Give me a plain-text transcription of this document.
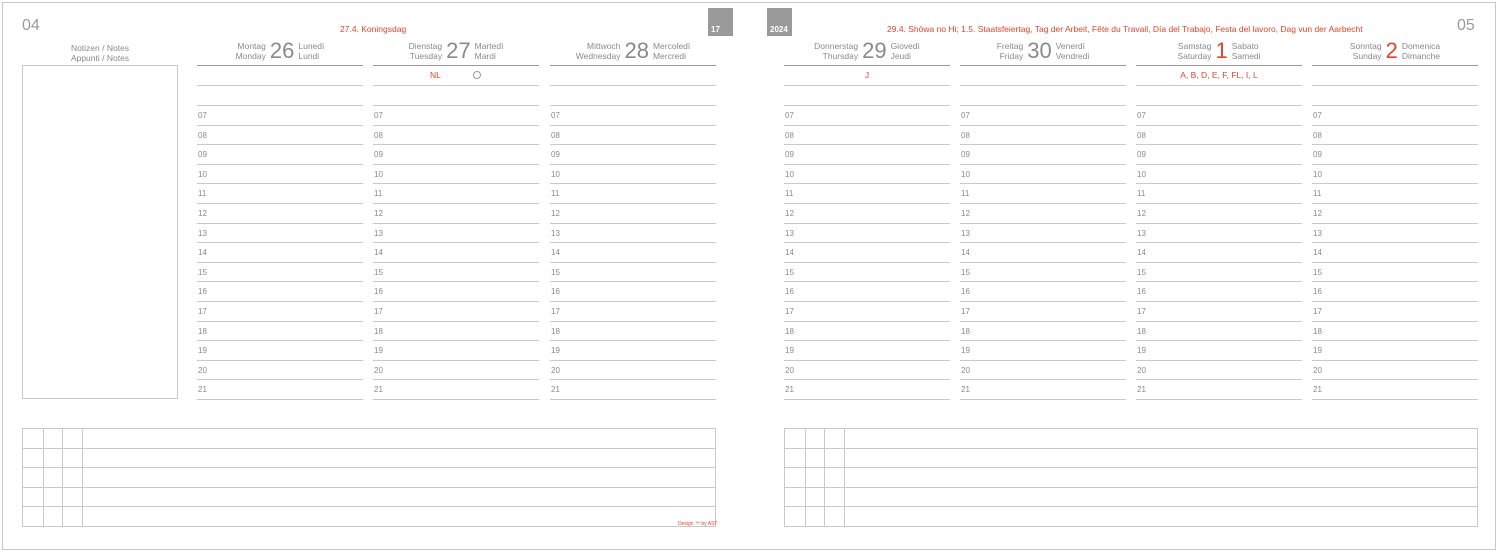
04	27.4. Koningsdag	17	2024	29.4. Shōwa no Hi; 1.5. Staatsfeiertag, Tag der Arbeit, Fête du Travail, Día del Trabajo, Festa del lavoro, Dag vun der Aarbecht	05
Notizen / Notes
Appunti / Notes
Montag
Monday 26 Lunedì
Lundi
07
08
09
10
11
12
13
14
15
16
17
18
19
20
21
Dienstag
Tuesday 27 Martedì
Mardi
NL
07
08
09
10
11
12
13
14
15
16
17
18
19
20
21
Mittwoch
Wednesday 28 Mercoledì
Mercredi
07
08
09
10
11
12
13
14
15
16
17
18
19
20
21
Donnerstag
Thursday 29 Giovedì
Jeudi
J
07
08
09
10
11
12
13
14
15
16
17
18
19
20
21
Freitag
Friday 30 Venerdì
Vendredi
07
08
09
10
11
12
13
14
15
16
17
18
19
20
21
Samstag
Saturday 1 Sabato
Samedi
A, B, D, E, F, FL, I, L
07
08
09
10
11
12
13
14
15
16
17
18
19
20
21
Sonntag
Sunday 2 Domenica
Dimanche
07
08
09
10
11
12
13
14
15
16
17
18
19
20
21
Design ™ by AST
